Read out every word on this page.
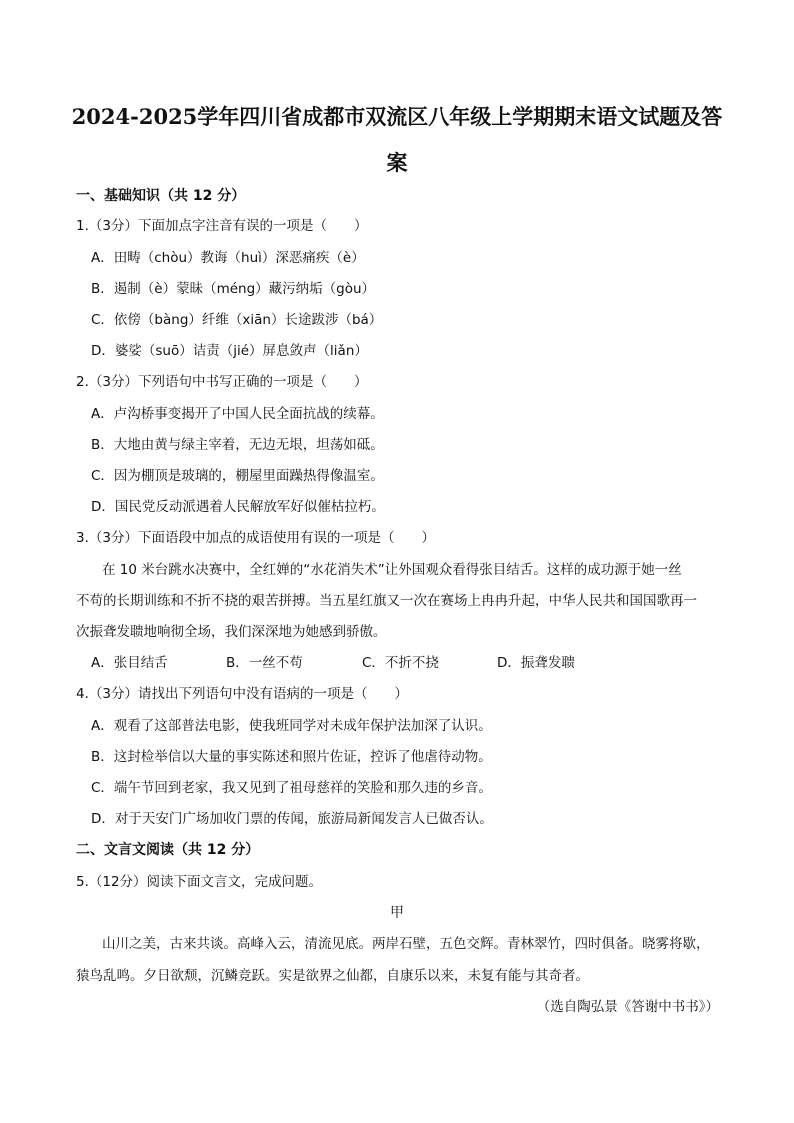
2024-2025学年四川省成都市双流区八年级上学期期末语文试题及答
案
一、基础知识（共 12 分）
1.（3分）下面加点字注音有误的一项是（　　）
A．田畴（chòu）教诲（huì）深恶痛疾（è）
B．遏制（è）蒙昧（méng）藏污纳垢（gòu）
C．依傍（bàng）纤维（xiān）长途跋涉（bá）
D．婆娑（suō）诘责（jié）屏息敛声（liǎn）
2.（3分）下列语句中书写正确的一项是（　　）
A．卢沟桥事变揭开了中国人民全面抗战的续幕。
B．大地由黄与绿主宰着，无边无垠，坦荡如砥。
C．因为棚顶是玻璃的，棚屋里面躁热得像温室。
D．国民党反动派遇着人民解放军好似催枯拉朽。
3.（3分）下面语段中加点的成语使用有误的一项是（　　）
在 10 米台跳水决赛中，全红婵的“水花消失术”让外国观众看得张目结舌。这样的成功源于她一丝
不苟的长期训练和不折不挠的艰苦拼搏。当五星红旗又一次在赛场上冉冉升起，中华人民共和国国歌再一
次振聋发聩地响彻全场，我们深深地为她感到骄傲。
A．张目结舌	B．一丝不苟	C．不折不挠	D．振聋发聩
4.（3分）请找出下列语句中没有语病的一项是（　　）
A．观看了这部普法电影，使我班同学对未成年保护法加深了认识。
B．这封检举信以大量的事实陈述和照片佐证，控诉了他虐待动物。
C．端午节回到老家，我又见到了祖母慈祥的笑脸和那久违的乡音。
D．对于天安门广场加收门票的传闻，旅游局新闻发言人已做否认。
二、文言文阅读（共 12 分）
5.（12分）阅读下面文言文，完成问题。
甲
山川之美，古来共谈。高峰入云，清流见底。两岸石壁，五色交辉。青林翠竹，四时俱备。晓雾将歇，
猿鸟乱鸣。夕日欲颓，沉鳞竞跃。实是欲界之仙都，自康乐以来，未复有能与其奇者。
（选自陶弘景《答谢中书书》）
